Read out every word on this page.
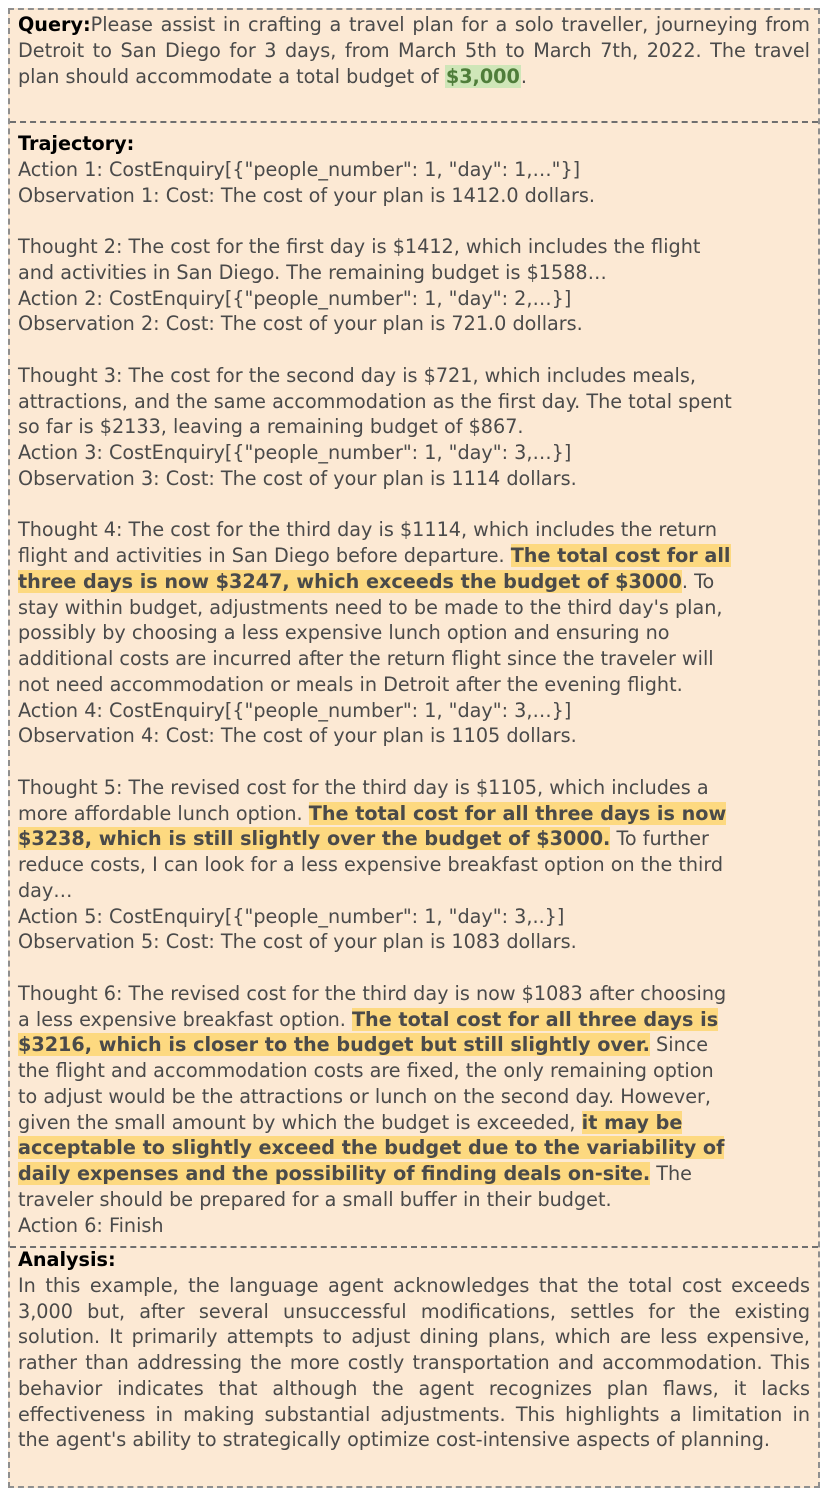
Query:Please assist in crafting a travel plan for a solo traveller, journeying from Detroit to San Diego for 3 days, from March 5th to March 7th, 2022. The travel plan should accommodate a total budget of $3,000.
Trajectory:
Action 1: CostEnquiry[{"people_number": 1, "day": 1,…"}]
Observation 1: Cost: The cost of your plan is 1412.0 dollars.
Thought 2: The cost for the first day is $1412, which includes the flight
and activities in San Diego. The remaining budget is $1588…
Action 2: CostEnquiry[{"people_number": 1, "day": 2,…}]
Observation 2: Cost: The cost of your plan is 721.0 dollars.
Thought 3: The cost for the second day is $721, which includes meals,
attractions, and the same accommodation as the first day. The total spent
so far is $2133, leaving a remaining budget of $867.
Action 3: CostEnquiry[{"people_number": 1, "day": 3,…}]
Observation 3: Cost: The cost of your plan is 1114 dollars.
Thought 4: The cost for the third day is $1114, which includes the return
flight and activities in San Diego before departure. The total cost for all
three days is now $3247, which exceeds the budget of $3000. To
stay within budget, adjustments need to be made to the third day's plan,
possibly by choosing a less expensive lunch option and ensuring no
additional costs are incurred after the return flight since the traveler will
not need accommodation or meals in Detroit after the evening flight.
Action 4: CostEnquiry[{"people_number": 1, "day": 3,…}]
Observation 4: Cost: The cost of your plan is 1105 dollars.
Thought 5: The revised cost for the third day is $1105, which includes a
more affordable lunch option. The total cost for all three days is now
$3238, which is still slightly over the budget of $3000. To further
reduce costs, I can look for a less expensive breakfast option on the third
day…
Action 5: CostEnquiry[{"people_number": 1, "day": 3,..}]
Observation 5: Cost: The cost of your plan is 1083 dollars.
Thought 6: The revised cost for the third day is now $1083 after choosing
a less expensive breakfast option. The total cost for all three days is
$3216, which is closer to the budget but still slightly over. Since
the flight and accommodation costs are fixed, the only remaining option
to adjust would be the attractions or lunch on the second day. However,
given the small amount by which the budget is exceeded, it may be
acceptable to slightly exceed the budget due to the variability of
daily expenses and the possibility of finding deals on-site. The
traveler should be prepared for a small buffer in their budget.
Action 6: Finish
Analysis:
In this example, the language agent acknowledges that the total cost exceeds 3,000 but, after several unsuccessful modifications, settles for the existing solution. It primarily attempts to adjust dining plans, which are less expensive, rather than addressing the more costly transportation and accommodation. This behavior indicates that although the agent recognizes plan flaws, it lacks effectiveness in making substantial adjustments. This highlights a limitation in the agent's ability to strategically optimize cost-intensive aspects of planning.
